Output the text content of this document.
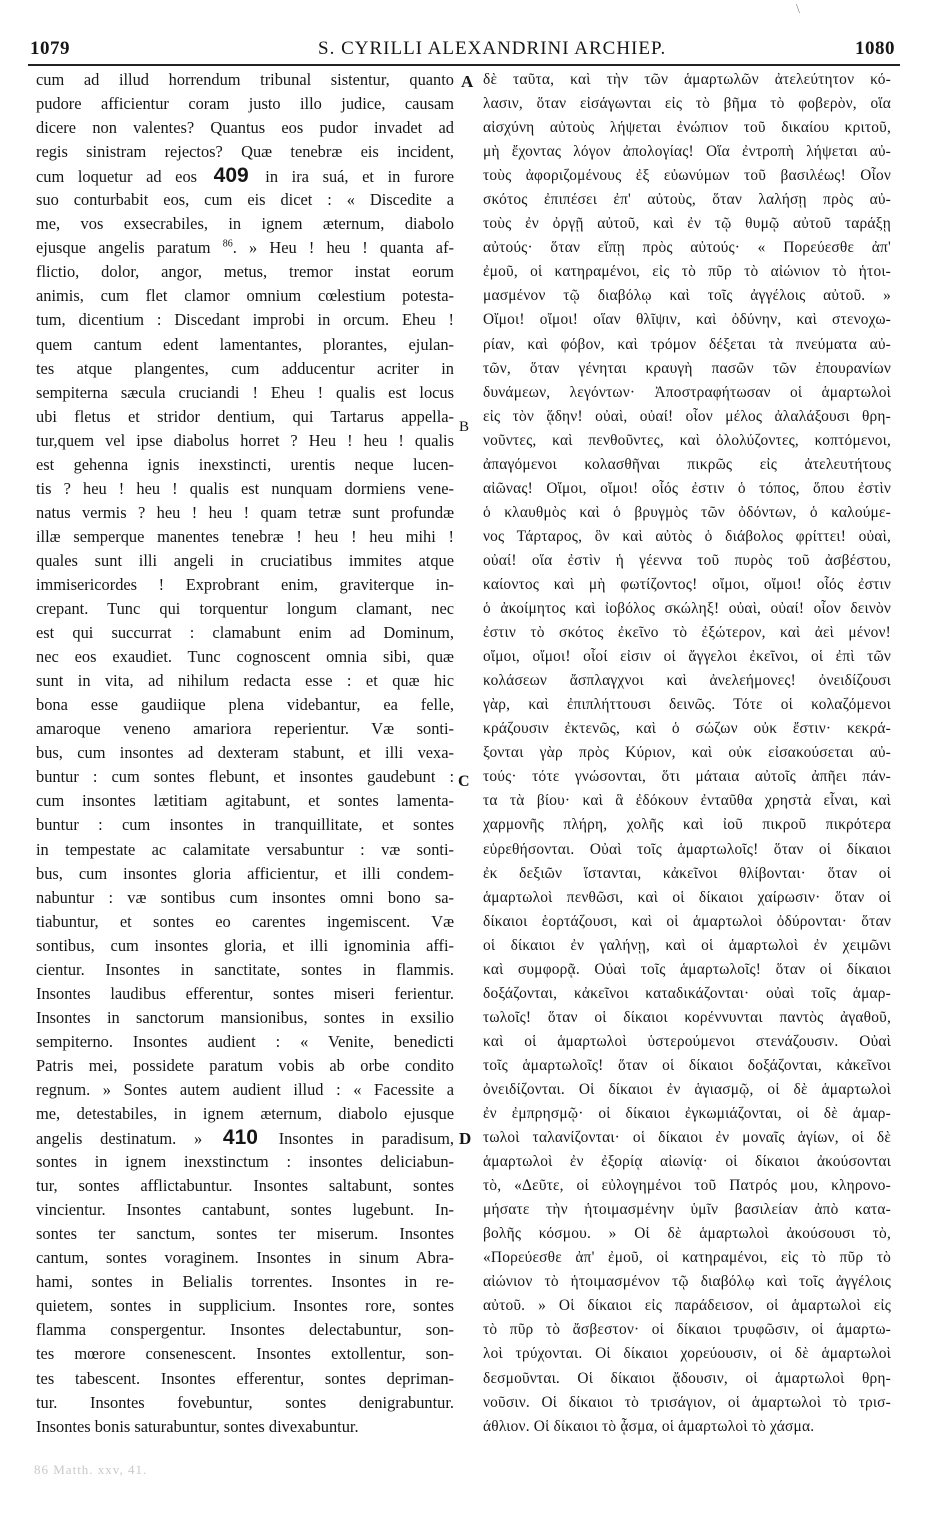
1079	S. CYRILLI ALEXANDRINI ARCHIEP.	1080
\
cum ad illud horrendum tribunal sistentur, quanto
pudore afficientur coram justo illo judice, causam
dicere non valentes? Quantus eos pudor invadet ad
regis sinistram rejectos? Quæ tenebræ eis incident,
cum loquetur ad eos 409 in ira suá, et in furore
suo conturbabit eos, cum eis dicet : « Discedite a
me, vos exsecrabiles, in ignem æternum, diabolo
ejusque angelis paratum $^{86}$. » Heu ! heu ! quanta af-
flictio, dolor, angor, metus, tremor instat eorum
animis, cum flet clamor omnium cœlestium potesta-
tum, dicentium : Discedant improbi in orcum. Eheu !
quem cantum edent lamentantes, plorantes, ejulan-
tes atque plangentes, cum adducentur acriter in
sempiterna sæcula cruciandi ! Eheu ! qualis est locus
ubi fletus et stridor dentium, qui Tartarus appella-
tur,quem vel ipse diabolus horret ? Heu ! heu ! qualis
est gehenna ignis inexstincti, urentis neque lucen-
tis ? heu ! heu ! qualis est nunquam dormiens vene-
natus vermis ? heu ! heu ! quam tetræ sunt profundæ
illæ semperque manentes tenebræ ! heu ! heu mihi !
quales sunt illi angeli in cruciatibus immites atque
immisericordes ! Exprobrant enim, graviterque in-
crepant. Tunc qui torquentur longum clamant, nec
est qui succurrat : clamabunt enim ad Dominum,
nec eos exaudiet. Tunc cognoscent omnia sibi, quæ
sunt in vita, ad nihilum redacta esse : et quæ hic
bona esse gaudiique plena videbantur, ea felle,
amaroque veneno amariora reperientur. Væ sonti-
bus, cum insontes ad dexteram stabunt, et illi vexa-
buntur : cum sontes flebunt, et insontes gaudebunt :
cum insontes lætitiam agitabunt, et sontes lamenta-
buntur : cum insontes in tranquillitate, et sontes
in tempestate ac calamitate versabuntur : væ sonti-
bus, cum insontes gloria afficientur, et illi condem-
nabuntur : væ sontibus cum insontes omni bono sa-
tiabuntur, et sontes eo carentes ingemiscent. Væ
sontibus, cum insontes gloria, et illi ignominia affi-
cientur. Insontes in sanctitate, sontes in flammis.
Insontes laudibus efferentur, sontes miseri ferientur.
Insontes in sanctorum mansionibus, sontes in exsilio
sempiterno. Insontes audient : « Venite, benedicti
Patris mei, possidete paratum vobis ab orbe condito
regnum. » Sontes autem audient illud : « Facessite a
me, detestabiles, in ignem æternum, diabolo ejusque
angelis destinatum. » 410 Insontes in paradisum,
sontes in ignem inexstinctum : insontes deliciabun-
tur, sontes afflictabuntur. Insontes saltabunt, sontes
vincientur. Insontes cantabunt, sontes lugebunt. In-
sontes ter sanctum, sontes ter miserum. Insontes
cantum, sontes voraginem. Insontes in sinum Abra-
hami, sontes in Belialis torrentes. Insontes in re-
quietem, sontes in supplicium. Insontes rore, sontes
flamma conspergentur. Insontes delectabuntur, son-
tes mœrore consenescent. Insontes extollentur, son-
tes tabescent. Insontes efferentur, sontes depriman-
tur. Insontes fovebuntur, sontes denigrabuntur.
Insontes bonis saturabuntur, sontes divexabuntur.
δὲ ταῦτα, καὶ τὴν τῶν ἁμαρτωλῶν ἀτελεύτητον κό-
λασιν, ὅταν εἰσάγωνται εἰς τὸ βῆμα τὸ φοβερὸν, οἵα
αἰσχύνη αὐτοὺς λήψεται ἐνώπιον τοῦ δικαίου κριτοῦ,
μὴ ἔχοντας λόγον ἀπολογίας! Οἵα ἐντροπὴ λήψεται αὐ-
τοὺς ἀφοριζομένους ἐξ εὐωνύμων τοῦ βασιλέως! Οἷον
σκότος ἐπιπέσει ἐπ' αὐτοὺς, ὅταν λαλήσῃ πρὸς αὐ-
τοὺς ἐν ὀργῇ αὐτοῦ, καὶ ἐν τῷ θυμῷ αὐτοῦ ταράξῃ
αὐτούς· ὅταν εἴπῃ πρὸς αὐτούς· « Πορεύεσθε ἀπ'
ἐμοῦ, οἱ κατηραμένοι, εἰς τὸ πῦρ τὸ αἰώνιον τὸ ἡτοι-
μασμένον τῷ διαβόλῳ καὶ τοῖς ἀγγέλοις αὐτοῦ. »
Οἴμοι! οἴμοι! οἵαν θλῖψιν, καὶ ὀδύνην, καὶ στενοχω-
ρίαν, καὶ φόβον, καὶ τρόμον δέξεται τὰ πνεύματα αὐ-
τῶν, ὅταν γένηται κραυγὴ πασῶν τῶν ἐπουρανίων
δυνάμεων, λεγόντων· Ἀποστραφήτωσαν οἱ ἁμαρτωλοὶ
εἰς τὸν ᾅδην! οὐαὶ, οὐαί! οἷον μέλος ἀλαλάξουσι θρη-
νοῦντες, καὶ πενθοῦντες, καὶ ὀλολύζοντες, κοπτόμενοι,
ἀπαγόμενοι κολασθῆναι πικρῶς εἰς ἀτελευτήτους
αἰῶνας! Οἴμοι, οἴμοι! οἷός ἐστιν ὁ τόπος, ὅπου ἐστὶν
ὁ κλαυθμὸς καὶ ὁ βρυγμὸς τῶν ὀδόντων, ὁ καλούμε-
νος Τάρταρος, ὃν καὶ αὐτὸς ὁ διάβολος φρίττει! οὐαὶ,
οὐαί! οἵα ἐστὶν ἡ γέεννα τοῦ πυρὸς τοῦ ἀσβέστου,
καίοντος καὶ μὴ φωτίζοντος! οἴμοι, οἴμοι! οἷός ἐστιν
ὁ ἀκοίμητος καὶ ἰοβόλος σκώληξ! οὐαὶ, οὐαί! οἷον δεινὸν
ἐστιν τὸ σκότος ἐκεῖνο τὸ ἐξώτερον, καὶ ἀεὶ μένον!
οἴμοι, οἴμοι! οἷοί εἰσιν οἱ ἄγγελοι ἐκεῖνοι, οἱ ἐπὶ τῶν
κολάσεων ἄσπλαγχνοι καὶ ἀνελεήμονες! ὀνειδίζουσι
γὰρ, καὶ ἐπιπλήττουσι δεινῶς. Τότε οἱ κολαζόμενοι
κράζουσιν ἐκτενῶς, καὶ ὁ σώζων οὐκ ἔστιν· κεκρά-
ξονται γὰρ πρὸς Κύριον, καὶ οὐκ εἰσακούσεται αὐ-
τούς· τότε γνώσονται, ὅτι μάταια αὐτοῖς ἀπῆει πάν-
τα τὰ βίου· καὶ ἃ ἐδόκουν ἐνταῦθα χρηστὰ εἶναι, καὶ
χαρμονῆς πλήρη, χολῆς καὶ ἰοῦ πικροῦ πικρότερα
εὑρεθήσονται. Οὐαὶ τοῖς ἁμαρτωλοῖς! ὅταν οἱ δίκαιοι
ἐκ δεξιῶν ἵστανται, κἀκεῖνοι θλίβονται· ὅταν οἱ
ἁμαρτωλοὶ πενθῶσι, καὶ οἱ δίκαιοι χαίρωσιν· ὅταν οἱ
δίκαιοι ἑορτάζουσι, καὶ οἱ ἁμαρτωλοὶ ὀδύρονται· ὅταν
οἱ δίκαιοι ἐν γαλήνῃ, καὶ οἱ ἁμαρτωλοὶ ἐν χειμῶνι
καὶ συμφορᾷ. Οὐαὶ τοῖς ἁμαρτωλοῖς! ὅταν οἱ δίκαιοι
δοξάζονται, κἀκεῖνοι καταδικάζονται· οὐαὶ τοῖς ἁμαρ-
τωλοῖς! ὅταν οἱ δίκαιοι κορέννυνται παντὸς ἀγαθοῦ,
καὶ οἱ ἁμαρτωλοὶ ὑστερούμενοι στενάζουσιν. Οὐαὶ
τοῖς ἁμαρτωλοῖς! ὅταν οἱ δίκαιοι δοξάζονται, κἀκεῖνοι
ὀνειδίζονται. Οἱ δίκαιοι ἐν ἁγιασμῷ, οἱ δὲ ἁμαρτωλοὶ
ἐν ἐμπρησμῷ· οἱ δίκαιοι ἐγκωμιάζονται, οἱ δὲ ἁμαρ-
τωλοὶ ταλανίζονται· οἱ δίκαιοι ἐν μοναῖς ἁγίων, οἱ δὲ
ἁμαρτωλοὶ ἐν ἐξορίᾳ αἰωνίᾳ· οἱ δίκαιοι ἀκούσονται
τὸ, «Δεῦτε, οἱ εὐλογημένοι τοῦ Πατρός μου, κληρονο-
μήσατε τὴν ἡτοιμασμένην ὑμῖν βασιλείαν ἀπὸ κατα-
βολῆς κόσμου. » Οἱ δὲ ἁμαρτωλοὶ ἀκούσουσι τὸ,
«Πορεύεσθε ἀπ' ἐμοῦ, οἱ κατηραμένοι, εἰς τὸ πῦρ τὸ
αἰώνιον τὸ ἡτοιμασμένον τῷ διαβόλῳ καὶ τοῖς ἀγγέλοις
αὐτοῦ. » Οἱ δίκαιοι εἰς παράδεισον, οἱ ἁμαρτωλοὶ εἰς
τὸ πῦρ τὸ ἄσβεστον· οἱ δίκαιοι τρυφῶσιν, οἱ ἁμαρτω-
λοὶ τρύχονται. Οἱ δίκαιοι χορεύουσιν, οἱ δὲ ἁμαρτωλοὶ
δεσμοῦνται. Οἱ δίκαιοι ᾄδουσιν, οἱ ἁμαρτωλοὶ θρη-
νοῦσιν. Οἱ δίκαιοι τὸ τρισάγιον, οἱ ἁμαρτωλοὶ τὸ τρισ-
άθλιον. Οἱ δίκαιοι τὸ ᾆσμα, οἱ ἁμαρτωλοὶ τὸ χάσμα.
A
B
C
D
86 Matth. xxv, 41.
